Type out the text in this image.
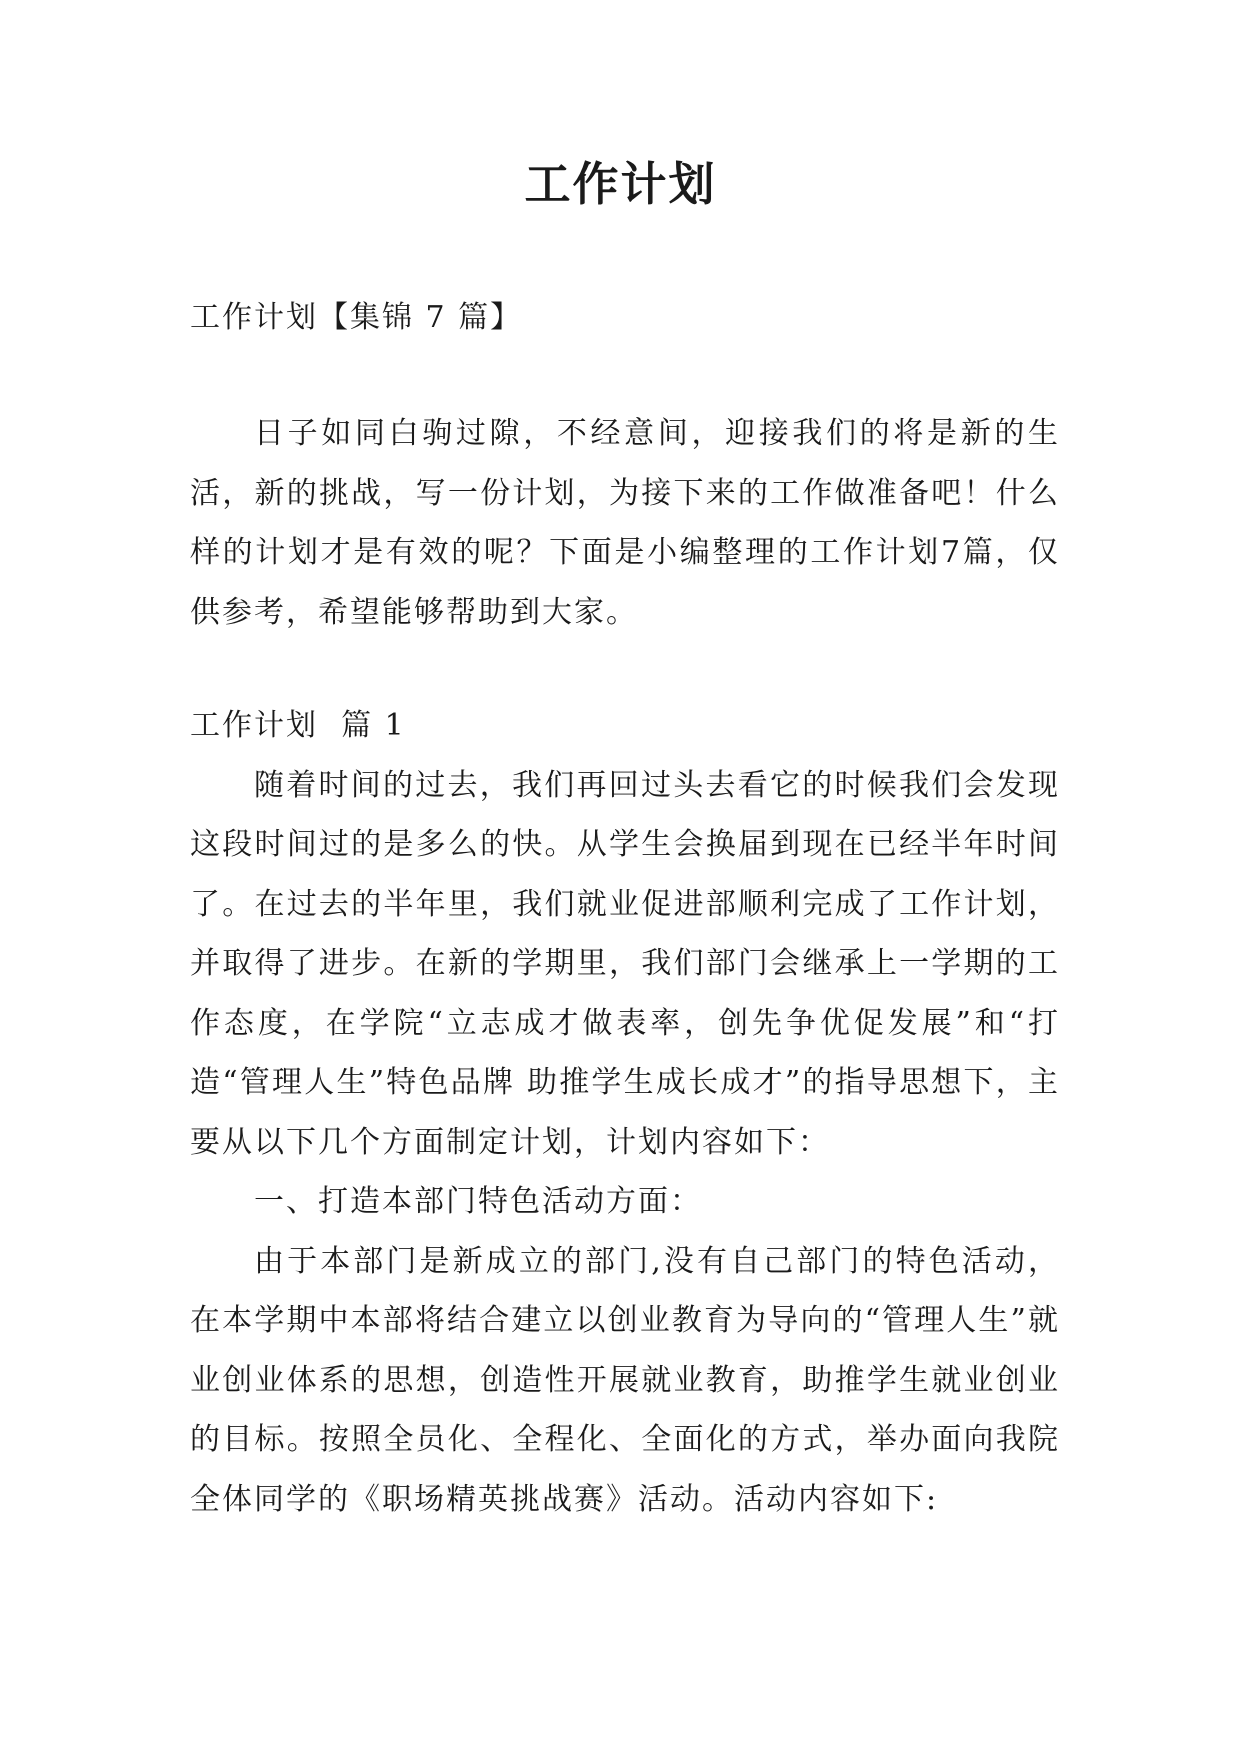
工作计划

工作计划【集锦 7 篇】

日子如同白驹过隙，不经意间，迎接我们的将是新的生活，新的挑战，写一份计划，为接下来的工作做准备吧！什么样的计划才是有效的呢？下面是小编整理的工作计划7篇，仅供参考，希望能够帮助到大家。

工作计划  篇 1

随着时间的过去，我们再回过头去看它的时候我们会发现这段时间过的是多么的快。从学生会换届到现在已经半年时间了。在过去的半年里，我们就业促进部顺利完成了工作计划，并取得了进步。在新的学期里，我们部门会继承上一学期的工作态度，在学院“立志成才做表率，创先争优促发展”和“打造“管理人生”特色品牌 助推学生成长成才”的指导思想下，主要从以下几个方面制定计划，计划内容如下：

一、打造本部门特色活动方面：

由于本部门是新成立的部门,没有自己部门的特色活动，在本学期中本部将结合建立以创业教育为导向的“管理人生”就业创业体系的思想，创造性开展就业教育，助推学生就业创业的目标。按照全员化、全程化、全面化的方式，举办面向我院全体同学的《职场精英挑战赛》活动。活动内容如下:
